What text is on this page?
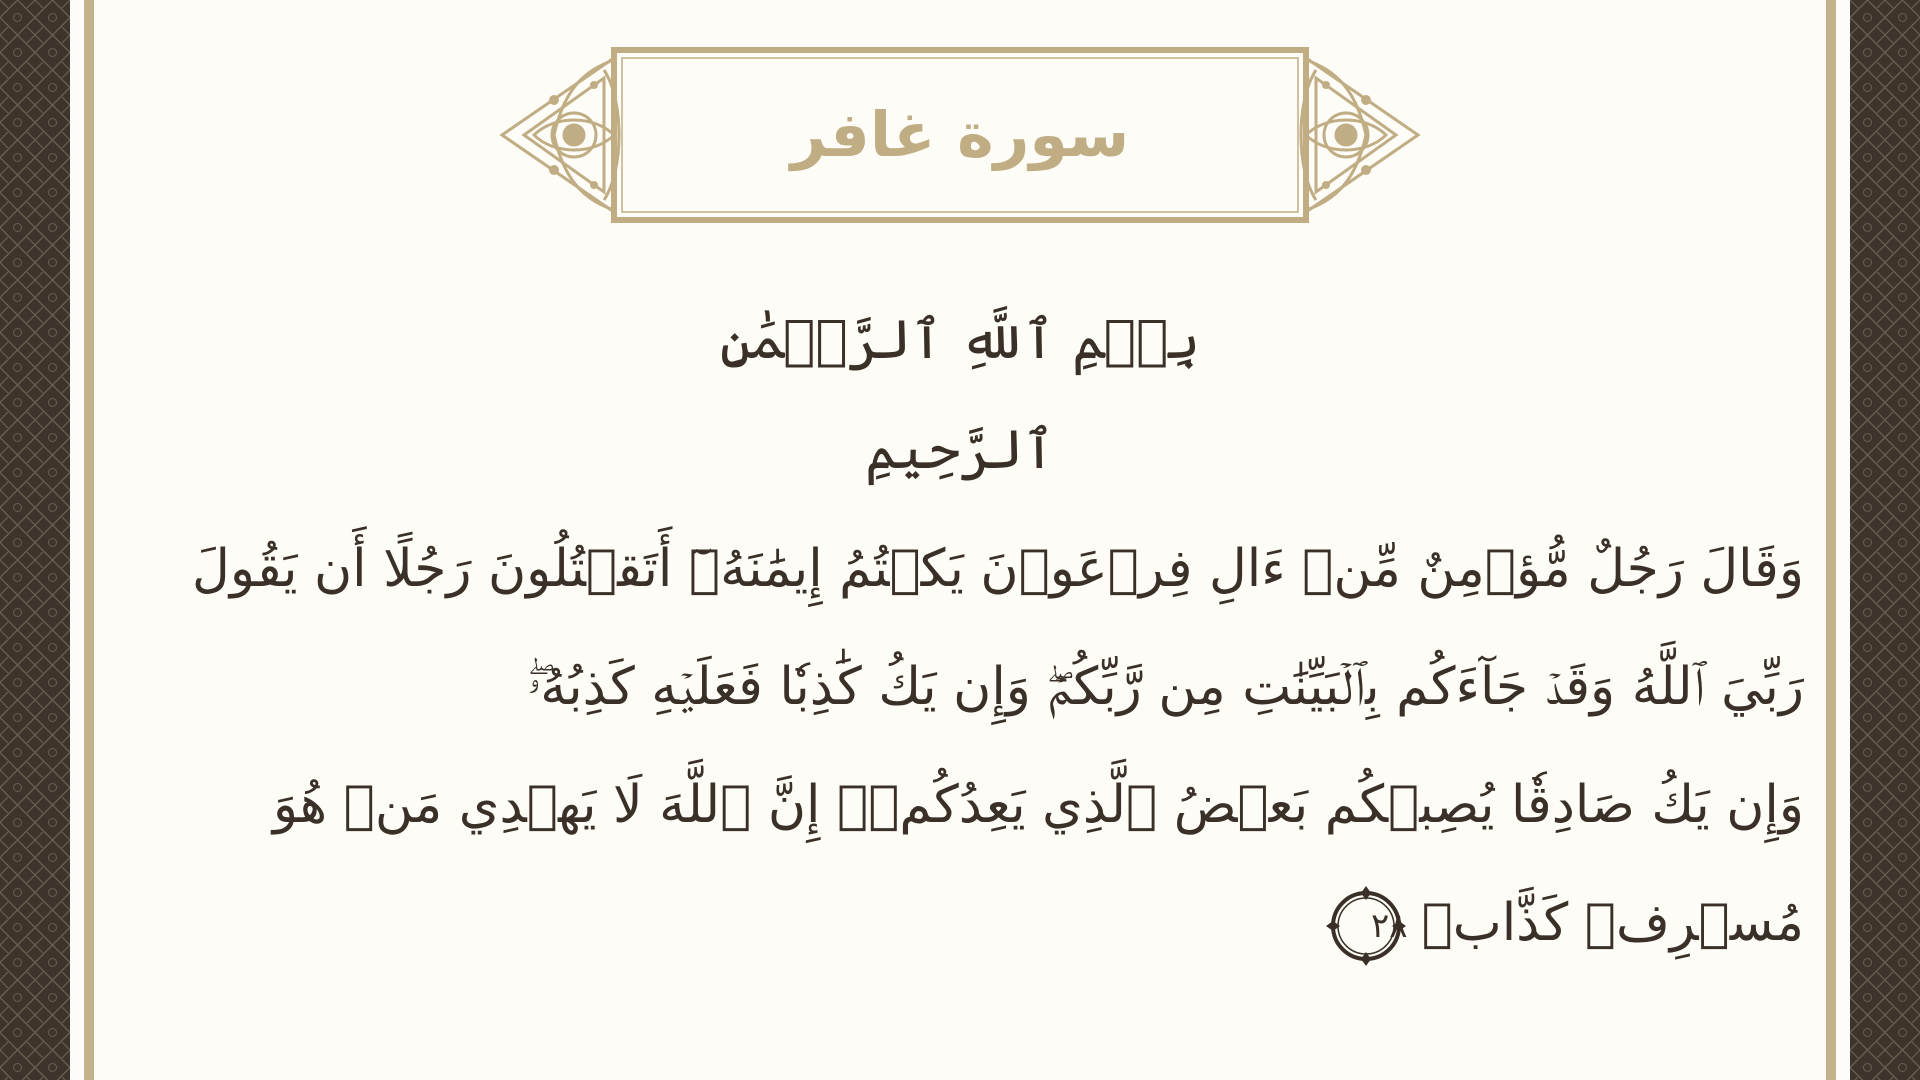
سورة غافر
بِسۡمِ ٱللَّهِ ٱلرَّحۡمَٰنِ ٱلرَّحِيمِ
وَقَالَ رَجُلٌ مُّؤۡمِنٌ مِّنۡ ءَالِ فِرۡعَوۡنَ يَكۡتُمُ إِيمَٰنَهُۥٓ أَتَقۡتُلُونَ رَجُلًا أَن يَقُولَ
رَبِّيَ ٱللَّهُ وَقَدۡ جَآءَكُم بِٱلۡبَيِّنَٰتِ مِن رَّبِّكُمۡۖ وَإِن يَكُ كَٰذِبٗا فَعَلَيۡهِ كَذِبُهُۥۖ
وَإِن يَكُ صَادِقٗا يُصِبۡكُم بَعۡضُ ٱلَّذِي يَعِدُكُمۡۖ إِنَّ ٱللَّهَ لَا يَهۡدِي مَنۡ هُوَ
مُسۡرِفٞ كَذَّابٞ
٢٨
